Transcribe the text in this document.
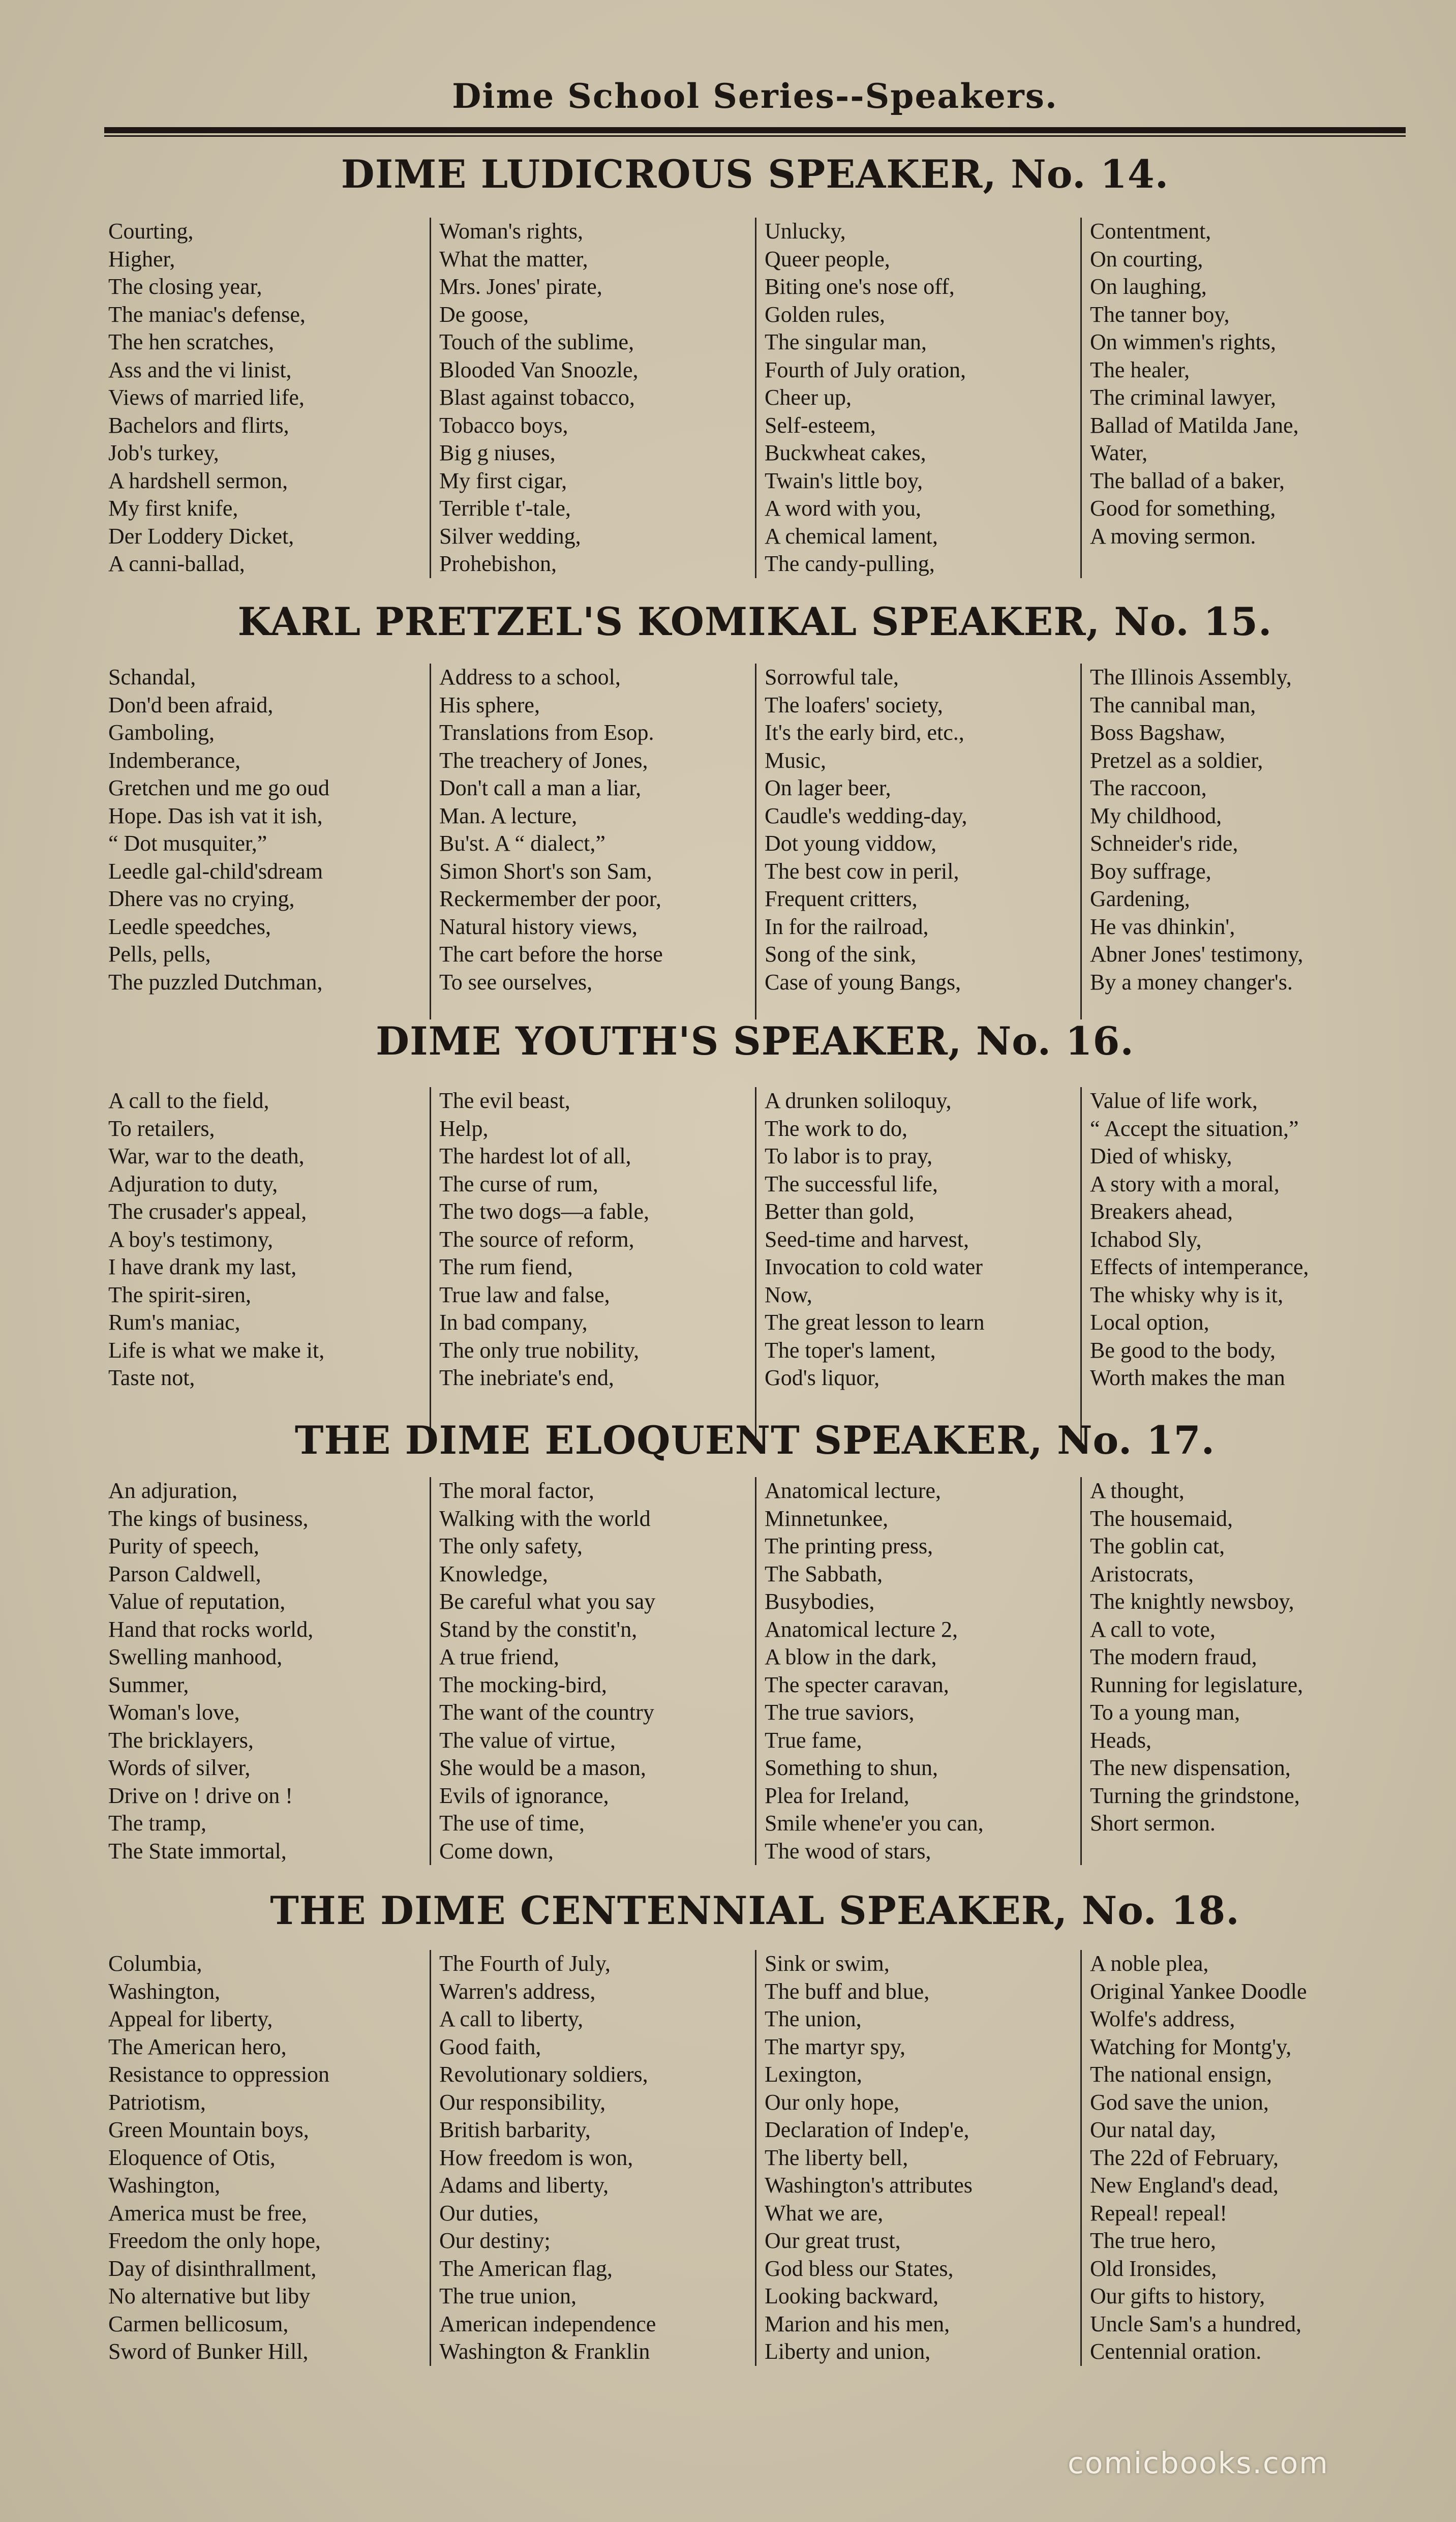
Dime School Series--Speakers.
DIME LUDICROUS SPEAKER, No. 14.
Courting,
Higher,
The closing year,
The maniac's defense,
The hen scratches,
Ass and the vi linist,
Views of married life,
Bachelors and flirts,
Job's turkey,
A hardshell sermon,
My first knife,
Der Loddery Dicket,
A canni-ballad,
Woman's rights,
What the matter,
Mrs. Jones' pirate,
De goose,
Touch of the sublime,
Blooded Van Snoozle,
Blast against tobacco,
Tobacco boys,
Big g niuses,
My first cigar,
Terrible t'-tale,
Silver wedding,
Prohebishon,
Unlucky,
Queer people,
Biting one's nose off,
Golden rules,
The singular man,
Fourth of July oration,
Cheer up,
Self-esteem,
Buckwheat cakes,
Twain's little boy,
A word with you,
A chemical lament,
The candy-pulling,
Contentment,
On courting,
On laughing,
The tanner boy,
On wimmen's rights,
The healer,
The criminal lawyer,
Ballad of Matilda Jane,
Water,
The ballad of a baker,
Good for something,
A moving sermon.
KARL PRETZEL'S KOMIKAL SPEAKER, No. 15.
Schandal,
Don'd been afraid,
Gamboling,
Indemberance,
Gretchen und me go oud
Hope. Das ish vat it ish,
“ Dot musquiter,”
Leedle gal-child'sdream
Dhere vas no crying,
Leedle speedches,
Pells, pells,
The puzzled Dutchman,
Address to a school,
His sphere,
Translations from Esop.
The treachery of Jones,
Don't call a man a liar,
Man. A lecture,
Bu'st. A “ dialect,”
Simon Short's son Sam,
Reckermember der poor,
Natural history views,
The cart before the horse
To see ourselves,
Sorrowful tale,
The loafers' society,
It's the early bird, etc.,
Music,
On lager beer,
Caudle's wedding-day,
Dot young viddow,
The best cow in peril,
Frequent critters,
In for the railroad,
Song of the sink,
Case of young Bangs,
The Illinois Assembly,
The cannibal man,
Boss Bagshaw,
Pretzel as a soldier,
The raccoon,
My childhood,
Schneider's ride,
Boy suffrage,
Gardening,
He vas dhinkin',
Abner Jones' testimony,
By a money changer's.
DIME YOUTH'S SPEAKER, No. 16.
A call to the field,
To retailers,
War, war to the death,
Adjuration to duty,
The crusader's appeal,
A boy's testimony,
I have drank my last,
The spirit-siren,
Rum's maniac,
Life is what we make it,
Taste not,
The evil beast,
Help,
The hardest lot of all,
The curse of rum,
The two dogs—a fable,
The source of reform,
The rum fiend,
True law and false,
In bad company,
The only true nobility,
The inebriate's end,
A drunken soliloquy,
The work to do,
To labor is to pray,
The successful life,
Better than gold,
Seed-time and harvest,
Invocation to cold water
Now,
The great lesson to learn
The toper's lament,
God's liquor,
Value of life work,
“ Accept the situation,”
Died of whisky,
A story with a moral,
Breakers ahead,
Ichabod Sly,
Effects of intemperance,
The whisky why is it,
Local option,
Be good to the body,
Worth makes the man
THE DIME ELOQUENT SPEAKER, No. 17.
An adjuration,
The kings of business,
Purity of speech,
Parson Caldwell,
Value of reputation,
Hand that rocks world,
Swelling manhood,
Summer,
Woman's love,
The bricklayers,
Words of silver,
Drive on ! drive on !
The tramp,
The State immortal,
The moral factor,
Walking with the world
The only safety,
Knowledge,
Be careful what you say
Stand by the constit'n,
A true friend,
The mocking-bird,
The want of the country
The value of virtue,
She would be a mason,
Evils of ignorance,
The use of time,
Come down,
Anatomical lecture,
Minnetunkee,
The printing press,
The Sabbath,
Busybodies,
Anatomical lecture 2,
A blow in the dark,
The specter caravan,
The true saviors,
True fame,
Something to shun,
Plea for Ireland,
Smile whene'er you can,
The wood of stars,
A thought,
The housemaid,
The goblin cat,
Aristocrats,
The knightly newsboy,
A call to vote,
The modern fraud,
Running for legislature,
To a young man,
Heads,
The new dispensation,
Turning the grindstone,
Short sermon.
THE DIME CENTENNIAL SPEAKER, No. 18.
Columbia,
Washington,
Appeal for liberty,
The American hero,
Resistance to oppression
Patriotism,
Green Mountain boys,
Eloquence of Otis,
Washington,
America must be free,
Freedom the only hope,
Day of disinthrallment,
No alternative but liby
Carmen bellicosum,
Sword of Bunker Hill,
The Fourth of July,
Warren's address,
A call to liberty,
Good faith,
Revolutionary soldiers,
Our responsibility,
British barbarity,
How freedom is won,
Adams and liberty,
Our duties,
Our destiny;
The American flag,
The true union,
American independence
Washington & Franklin
Sink or swim,
The buff and blue,
The union,
The martyr spy,
Lexington,
Our only hope,
Declaration of Indep'e,
The liberty bell,
Washington's attributes
What we are,
Our great trust,
God bless our States,
Looking backward,
Marion and his men,
Liberty and union,
A noble plea,
Original Yankee Doodle
Wolfe's address,
Watching for Montg'y,
The national ensign,
God save the union,
Our natal day,
The 22d of February,
New England's dead,
Repeal! repeal!
The true hero,
Old Ironsides,
Our gifts to history,
Uncle Sam's a hundred,
Centennial oration.
comicbooks.com
